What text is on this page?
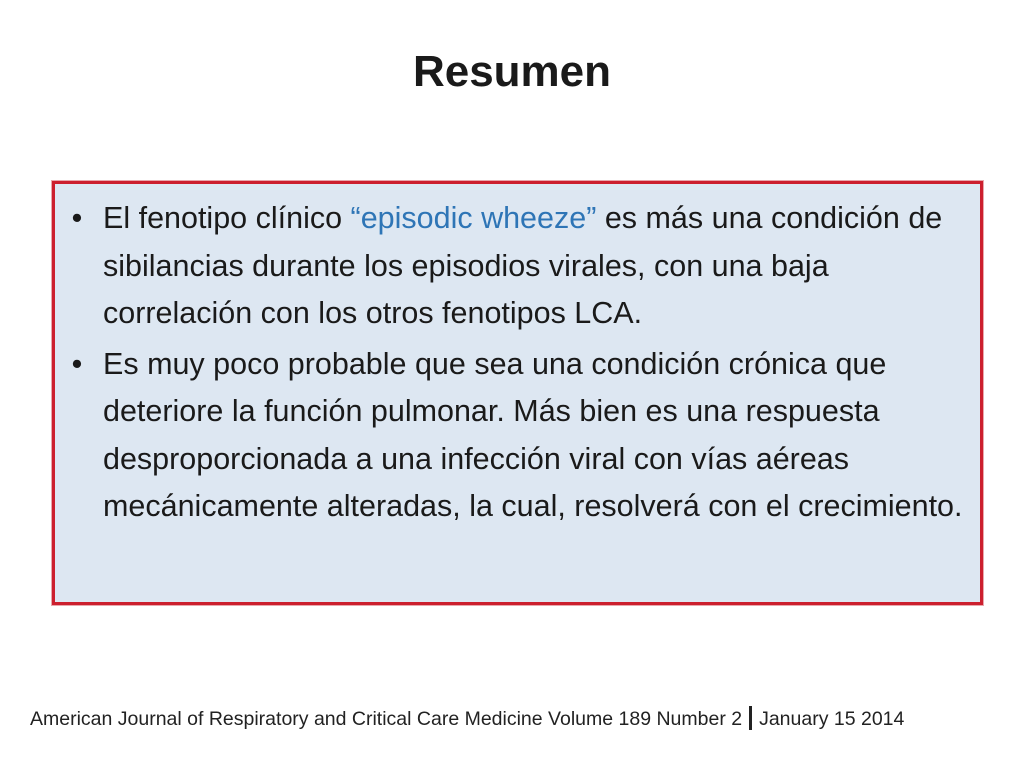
Resumen
• El fenotipo clínico “episodic wheeze” es más una condición de sibilancias durante los episodios virales, con una baja correlación con los otros fenotipos LCA.
• Es muy poco probable que sea una condición crónica que deteriore la función pulmonar. Más bien es una respuesta desproporcionada a una infección viral con vías aéreas mecánicamente alteradas, la cual, resolverá con el crecimiento.
American Journal of Respiratory and Critical Care Medicine Volume 189 Number 2 January 15 2014
